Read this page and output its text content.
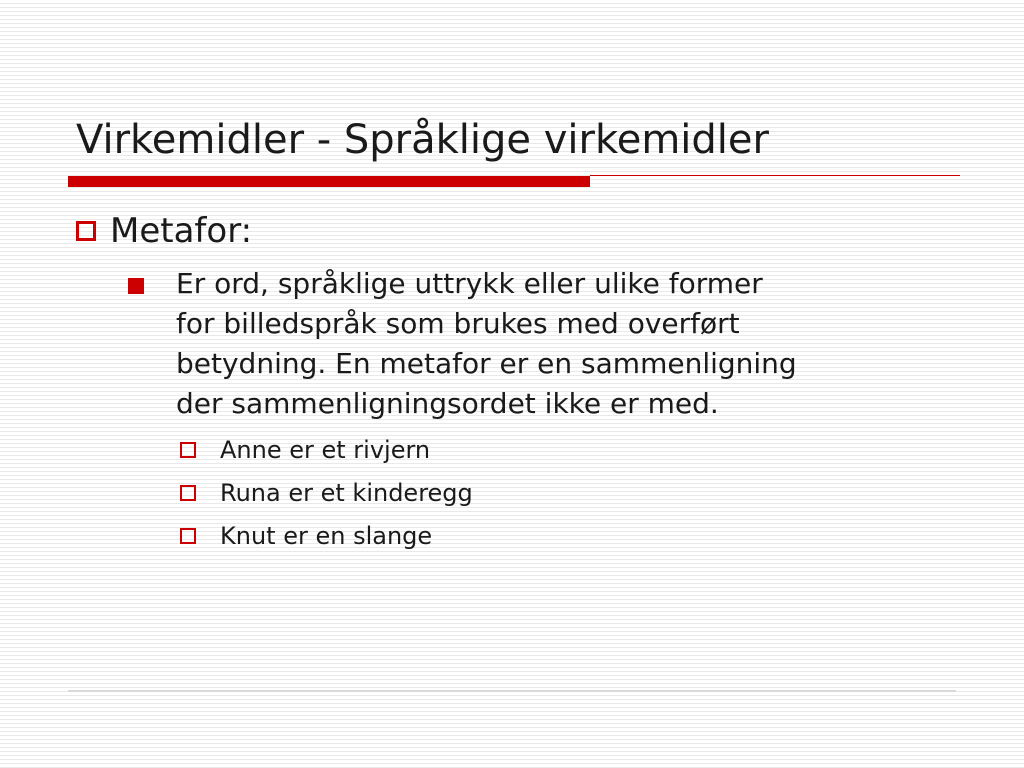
Virkemidler - Språklige virkemidler
Metafor:
Er ord, språklige uttrykk eller ulike former
for billedspråk som brukes med overført
betydning. En metafor er en sammenligning
der sammenligningsordet ikke er med.
Anne er et rivjern
Runa er et kinderegg
Knut er en slange
